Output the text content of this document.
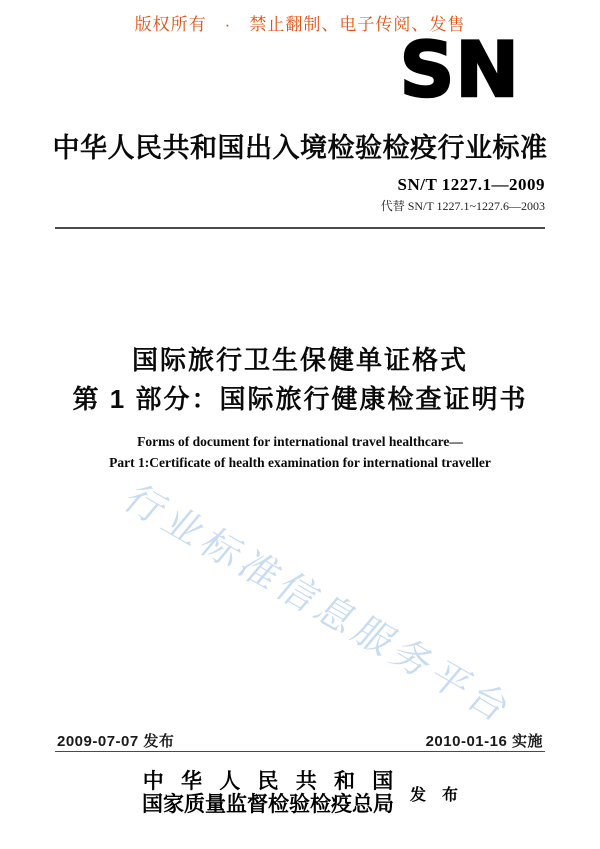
版权所有　·　禁止翻制、电子传阅、发售
SN
中华人民共和国出入境检验检疫行业标准
SN/T 1227.1—2009
代替 SN/T 1227.1~1227.6—2003
国际旅行卫生保健单证格式
第 1 部分：国际旅行健康检查证明书
Forms of document for international travel healthcare—
Part 1:Certificate of health examination for international traveller
行业标准信息服务平台
2009-07-07 发布	2010-01-16 实施
中 华 人 民 共 和 国
国家质量监督检验检疫总局 发 布
